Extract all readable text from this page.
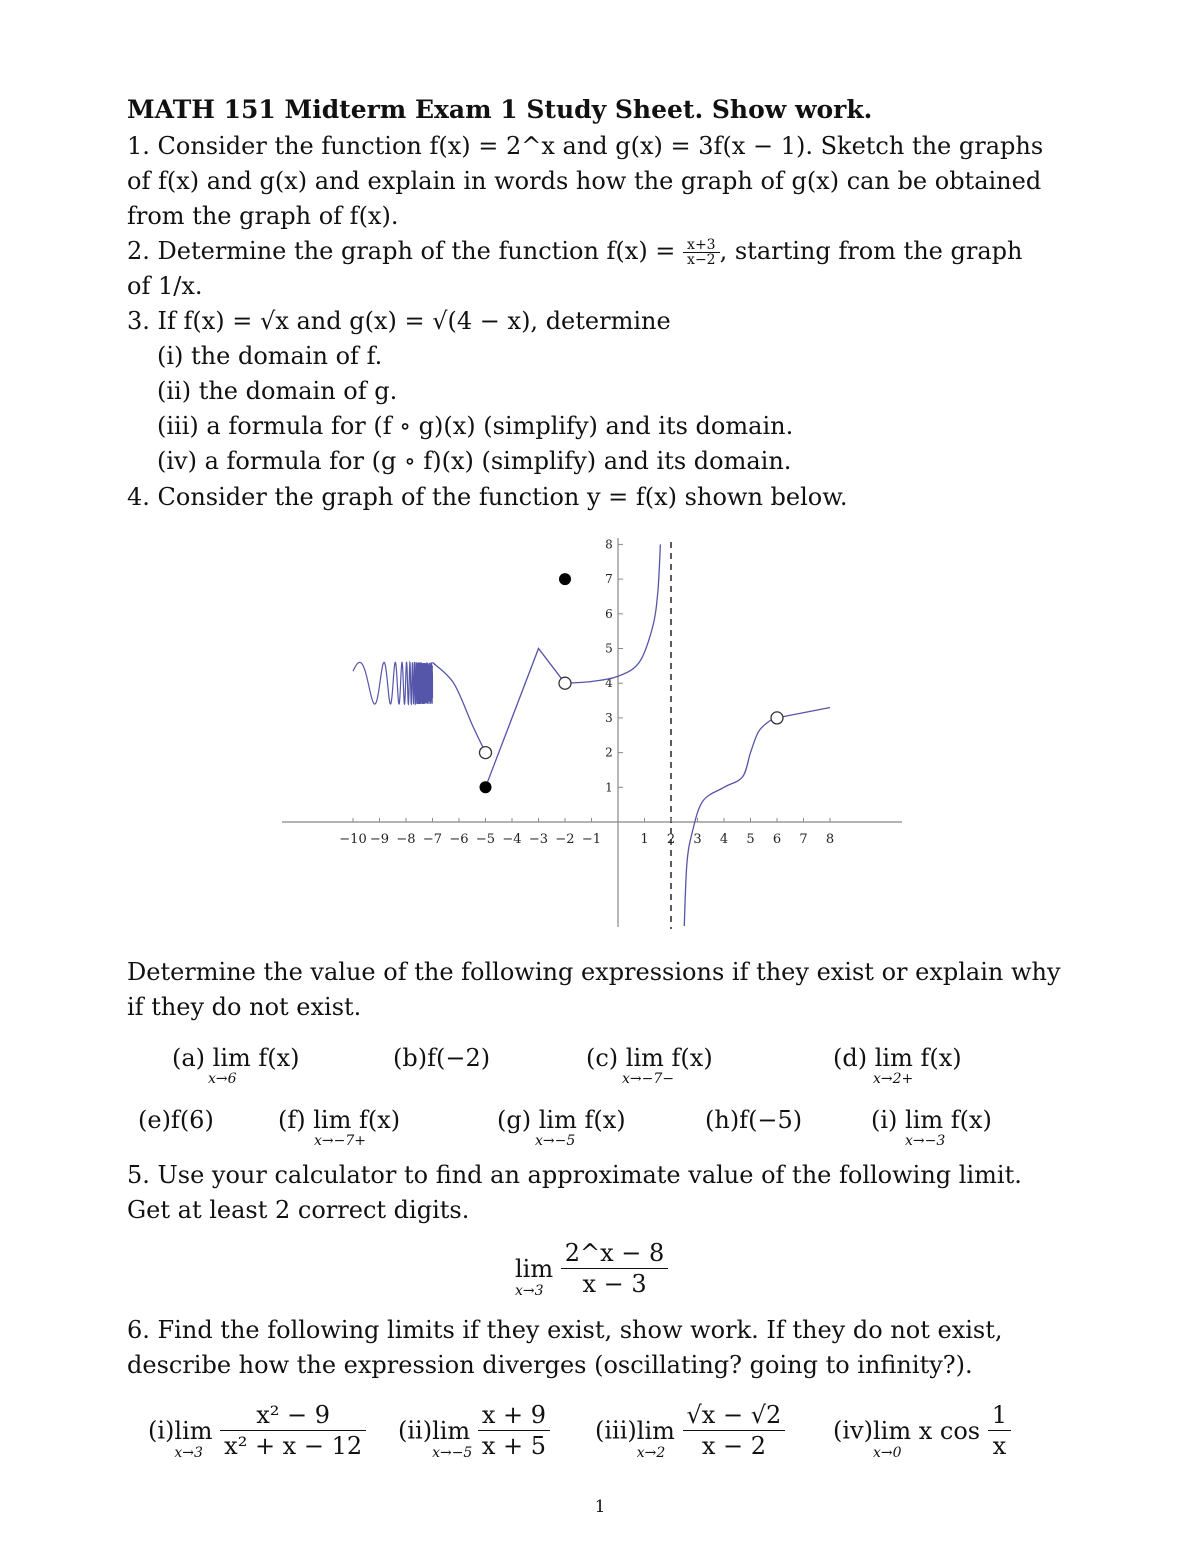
MATH 151 Midterm Exam 1 Study Sheet. Show work.
1. Consider the function f(x) = 2^x and g(x) = 3f(x − 1). Sketch the graphs
of f(x) and g(x) and explain in words how the graph of g(x) can be obtained
from the graph of f(x).
2. Determine the graph of the function $f(x) = \frac{x+3}{x-2}$ , starting from the graph
of 1/x.
3. If f(x) = √x and g(x) = √(4 − x), determine
(i) the domain of f.
(ii) the domain of g.
(iii) a formula for (f ∘ g)(x) (simplify) and its domain.
(iv) a formula for (g ∘ f)(x) (simplify) and its domain.
4. Consider the graph of the function y = f(x) shown below.
−10 −9 −8 −7 −6 −5 −4 −3 −2 −1	1 2 3 4 5 6 7 8
1
2
3
4
5
6
7
8
Determine the value of the following expressions if they exist or explain why
if they do not exist.
(a) lim f(x)
x→6
(b)f(−2)	(c) lim f(x)
x→−7−
(d) lim f(x)
x→2+
(e)f(6)	(f) lim f(x)
x→−7+
(g) lim f(x)
x→−5
(h)f(−5)	(i) lim f(x)
x→−3
5. Use your calculator to find an approximate value of the following limit.
Get at least 2 correct digits.
lim
x→3
$\frac{2\^{}x - 8}{x - 3}$
6. Find the following limits if they exist, show work. If they do not exist,
describe how the expression diverges (oscillating? going to infinity?).
(i)lim
x→3
$\frac{\text{x² − 9}}{\text{x² + x − 12}} (ii)\lim$
x→−5
$\frac{x + 9}{x + 5} (iii)\lim$
x→2
$\frac{√x - √2}{x - 2} (iv)\lim$ x cos
x→0
	$\frac{1}{x}$
1
